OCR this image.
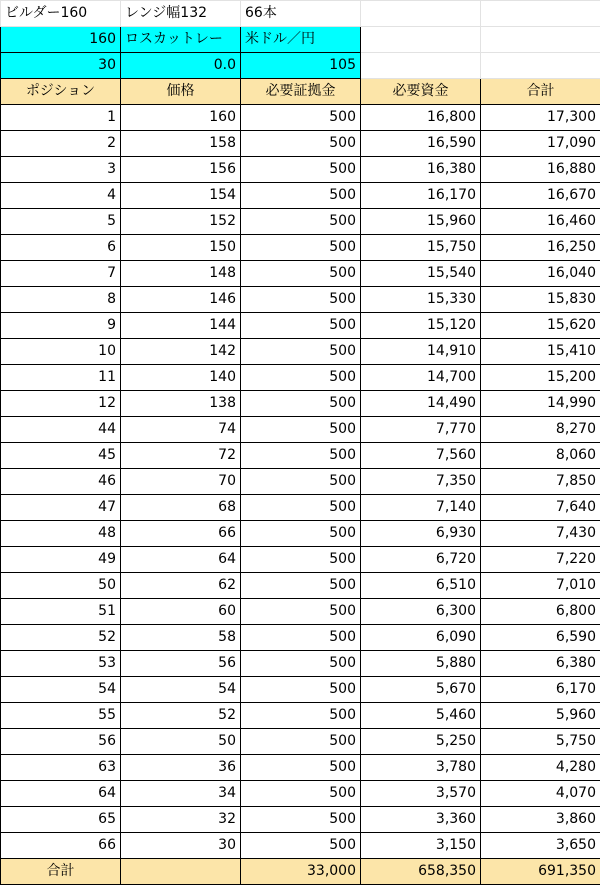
ビルダー160	レンジ幅132	66本		
160	ロスカットレー	米ドル／円		
30	0.0	105		
ポジション	価格	必要証拠金	必要資金	合計
1	160	500	16,800	17,300
2	158	500	16,590	17,090
3	156	500	16,380	16,880
4	154	500	16,170	16,670
5	152	500	15,960	16,460
6	150	500	15,750	16,250
7	148	500	15,540	16,040
8	146	500	15,330	15,830
9	144	500	15,120	15,620
10	142	500	14,910	15,410
11	140	500	14,700	15,200
12	138	500	14,490	14,990
44	74	500	7,770	8,270
45	72	500	7,560	8,060
46	70	500	7,350	7,850
47	68	500	7,140	7,640
48	66	500	6,930	7,430
49	64	500	6,720	7,220
50	62	500	6,510	7,010
51	60	500	6,300	6,800
52	58	500	6,090	6,590
53	56	500	5,880	6,380
54	54	500	5,670	6,170
55	52	500	5,460	5,960
56	50	500	5,250	5,750
63	36	500	3,780	4,280
64	34	500	3,570	4,070
65	32	500	3,360	3,860
66	30	500	3,150	3,650
合計		33,000	658,350	691,350
